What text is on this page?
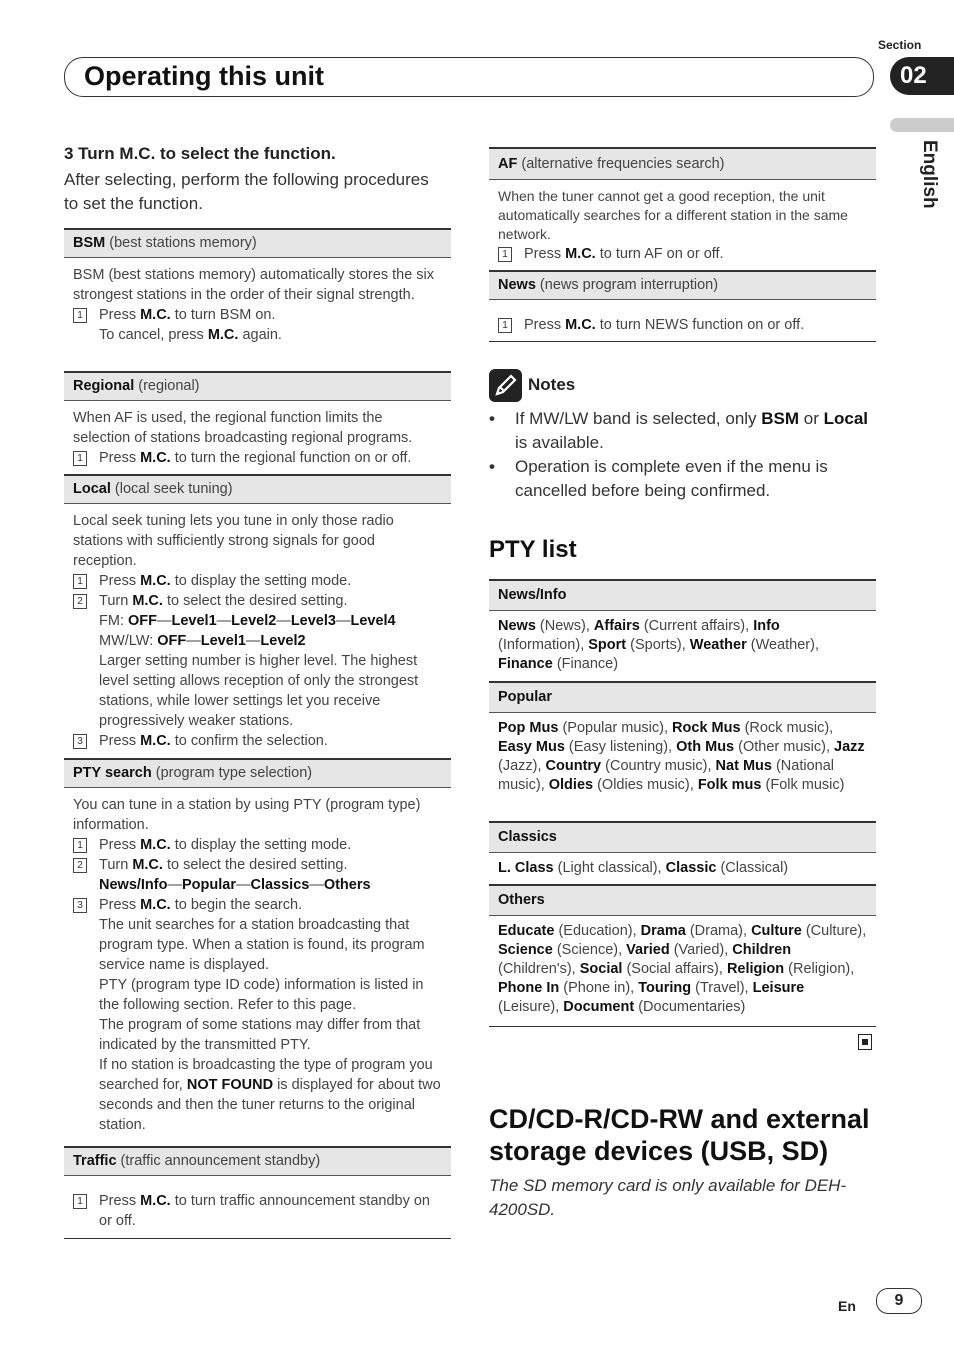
Section
Operating this unit	02
English
3 Turn M.C. to select the function.
After selecting, perform the following procedures to set the function.
BSM (best stations memory)
BSM (best stations memory) automatically stores the six strongest stations in the order of their signal strength.
1 Press M.C. to turn BSM on.
To cancel, press M.C. again.
Regional (regional)
When AF is used, the regional function limits the selection of stations broadcasting regional programs.
1 Press M.C. to turn the regional function on or off.
Local (local seek tuning)
Local seek tuning lets you tune in only those radio stations with sufficiently strong signals for good reception.
1 Press M.C. to display the setting mode.
2 Turn M.C. to select the desired setting.
FM: OFF—Level1—Level2—Level3—Level4
MW/LW: OFF—Level1—Level2
Larger setting number is higher level. The highest level setting allows reception of only the strongest stations, while lower settings let you receive progressively weaker stations.
3 Press M.C. to confirm the selection.
PTY search (program type selection)
You can tune in a station by using PTY (program type) information.
1 Press M.C. to display the setting mode.
2 Turn M.C. to select the desired setting.
News/Info—Popular—Classics—Others
3 Press M.C. to begin the search.
The unit searches for a station broadcasting that program type. When a station is found, its program service name is displayed.
PTY (program type ID code) information is listed in the following section. Refer to this page.
The program of some stations may differ from that indicated by the transmitted PTY.
If no station is broadcasting the type of program you searched for, NOT FOUND is displayed for about two seconds and then the tuner returns to the original station.
Traffic (traffic announcement standby)
1 Press M.C. to turn traffic announcement standby on or off.
AF (alternative frequencies search)
When the tuner cannot get a good reception, the unit automatically searches for a different station in the same network.
1 Press M.C. to turn AF on or off.
News (news program interruption)
1 Press M.C. to turn NEWS function on or off.
Notes
•	If MW/LW band is selected, only BSM or Local is available.
•	Operation is complete even if the menu is cancelled before being confirmed.
PTY list
News/Info
News (News), Affairs (Current affairs), Info (Information), Sport (Sports), Weather (Weather), Finance (Finance)
Popular
Pop Mus (Popular music), Rock Mus (Rock music), Easy Mus (Easy listening), Oth Mus (Other music), Jazz (Jazz), Country (Country music), Nat Mus (National music), Oldies (Oldies music), Folk mus (Folk music)
Classics
L. Class (Light classical), Classic (Classical)
Others
Educate (Education), Drama (Drama), Culture (Culture), Science (Science), Varied (Varied), Children (Children's), Social (Social affairs), Religion (Religion), Phone In (Phone in), Touring (Travel), Leisure (Leisure), Document (Documentaries)
CD/CD-R/CD-RW and external storage devices (USB, SD)
The SD memory card is only available for DEH-4200SD.
En	9
